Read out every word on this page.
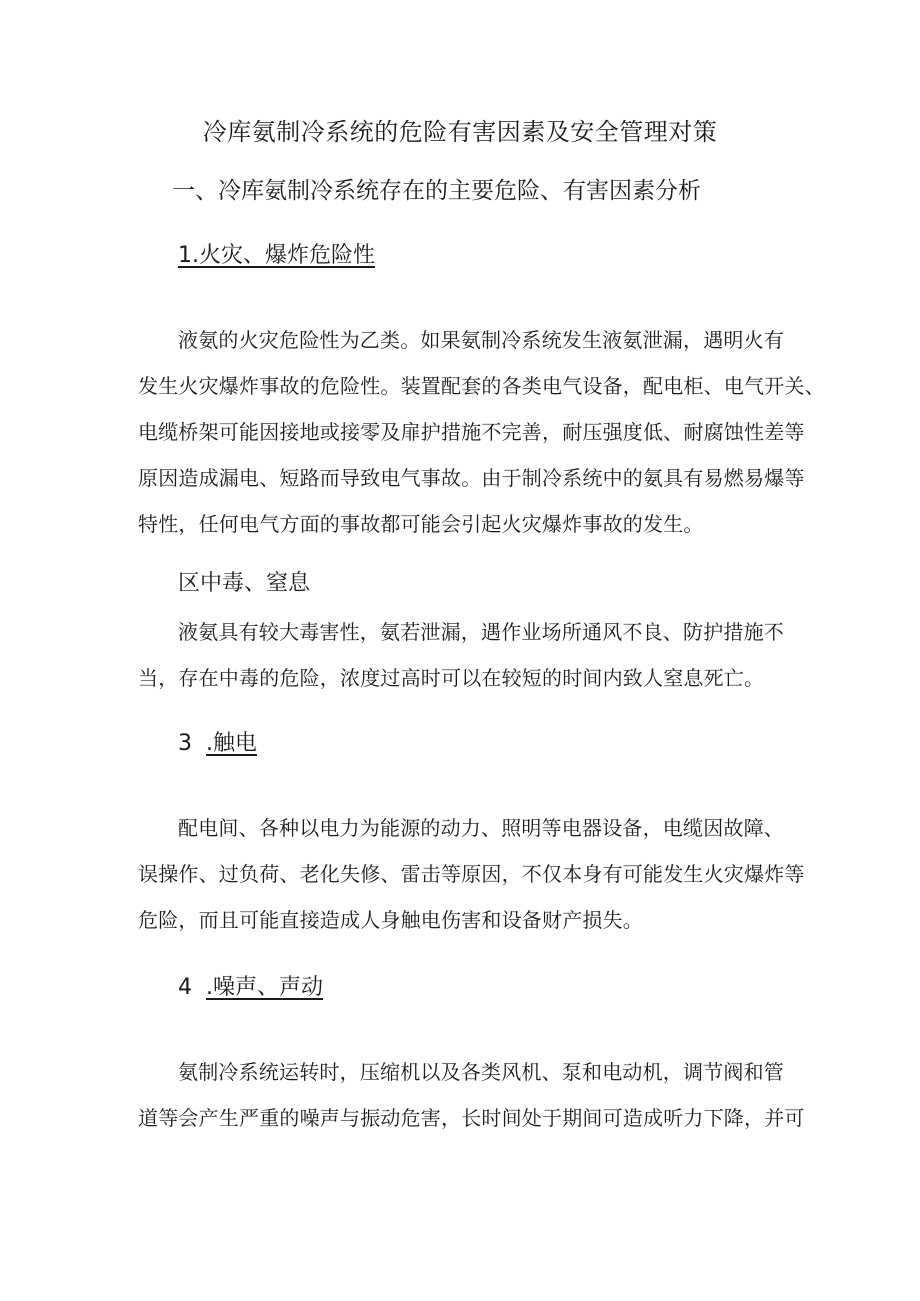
冷库氨制冷系统的危险有害因素及安全管理对策
一、冷库氨制冷系统存在的主要危险、有害因素分析
1.火灾、爆炸危险性
液氨的火灾危险性为乙类。如果氨制冷系统发生液氨泄漏，遇明火有
发生火灾爆炸事故的危险性。装置配套的各类电气设备，配电柜、电气开关、
电缆桥架可能因接地或接零及扉护措施不完善，耐压强度低、耐腐蚀性差等
原因造成漏电、短路而导致电气事故。由于制冷系统中的氨具有易燃易爆等
特性，任何电气方面的事故都可能会引起火灾爆炸事故的发生。
区中毒、窒息
液氨具有较大毒害性，氨若泄漏，遇作业场所通风不良、防护措施不
当，存在中毒的危险，浓度过高时可以在较短的时间内致人窒息死亡。
3 .触电
配电间、各种以电力为能源的动力、照明等电器设备，电缆因故障、
误操作、过负荷、老化失修、雷击等原因，不仅本身有可能发生火灾爆炸等
危险，而且可能直接造成人身触电伤害和设备财产损失。
4 .噪声、声动
氨制冷系统运转时，压缩机以及各类风机、泵和电动机，调节阀和管
道等会产生严重的噪声与振动危害，长时间处于期间可造成听力下降，并可
